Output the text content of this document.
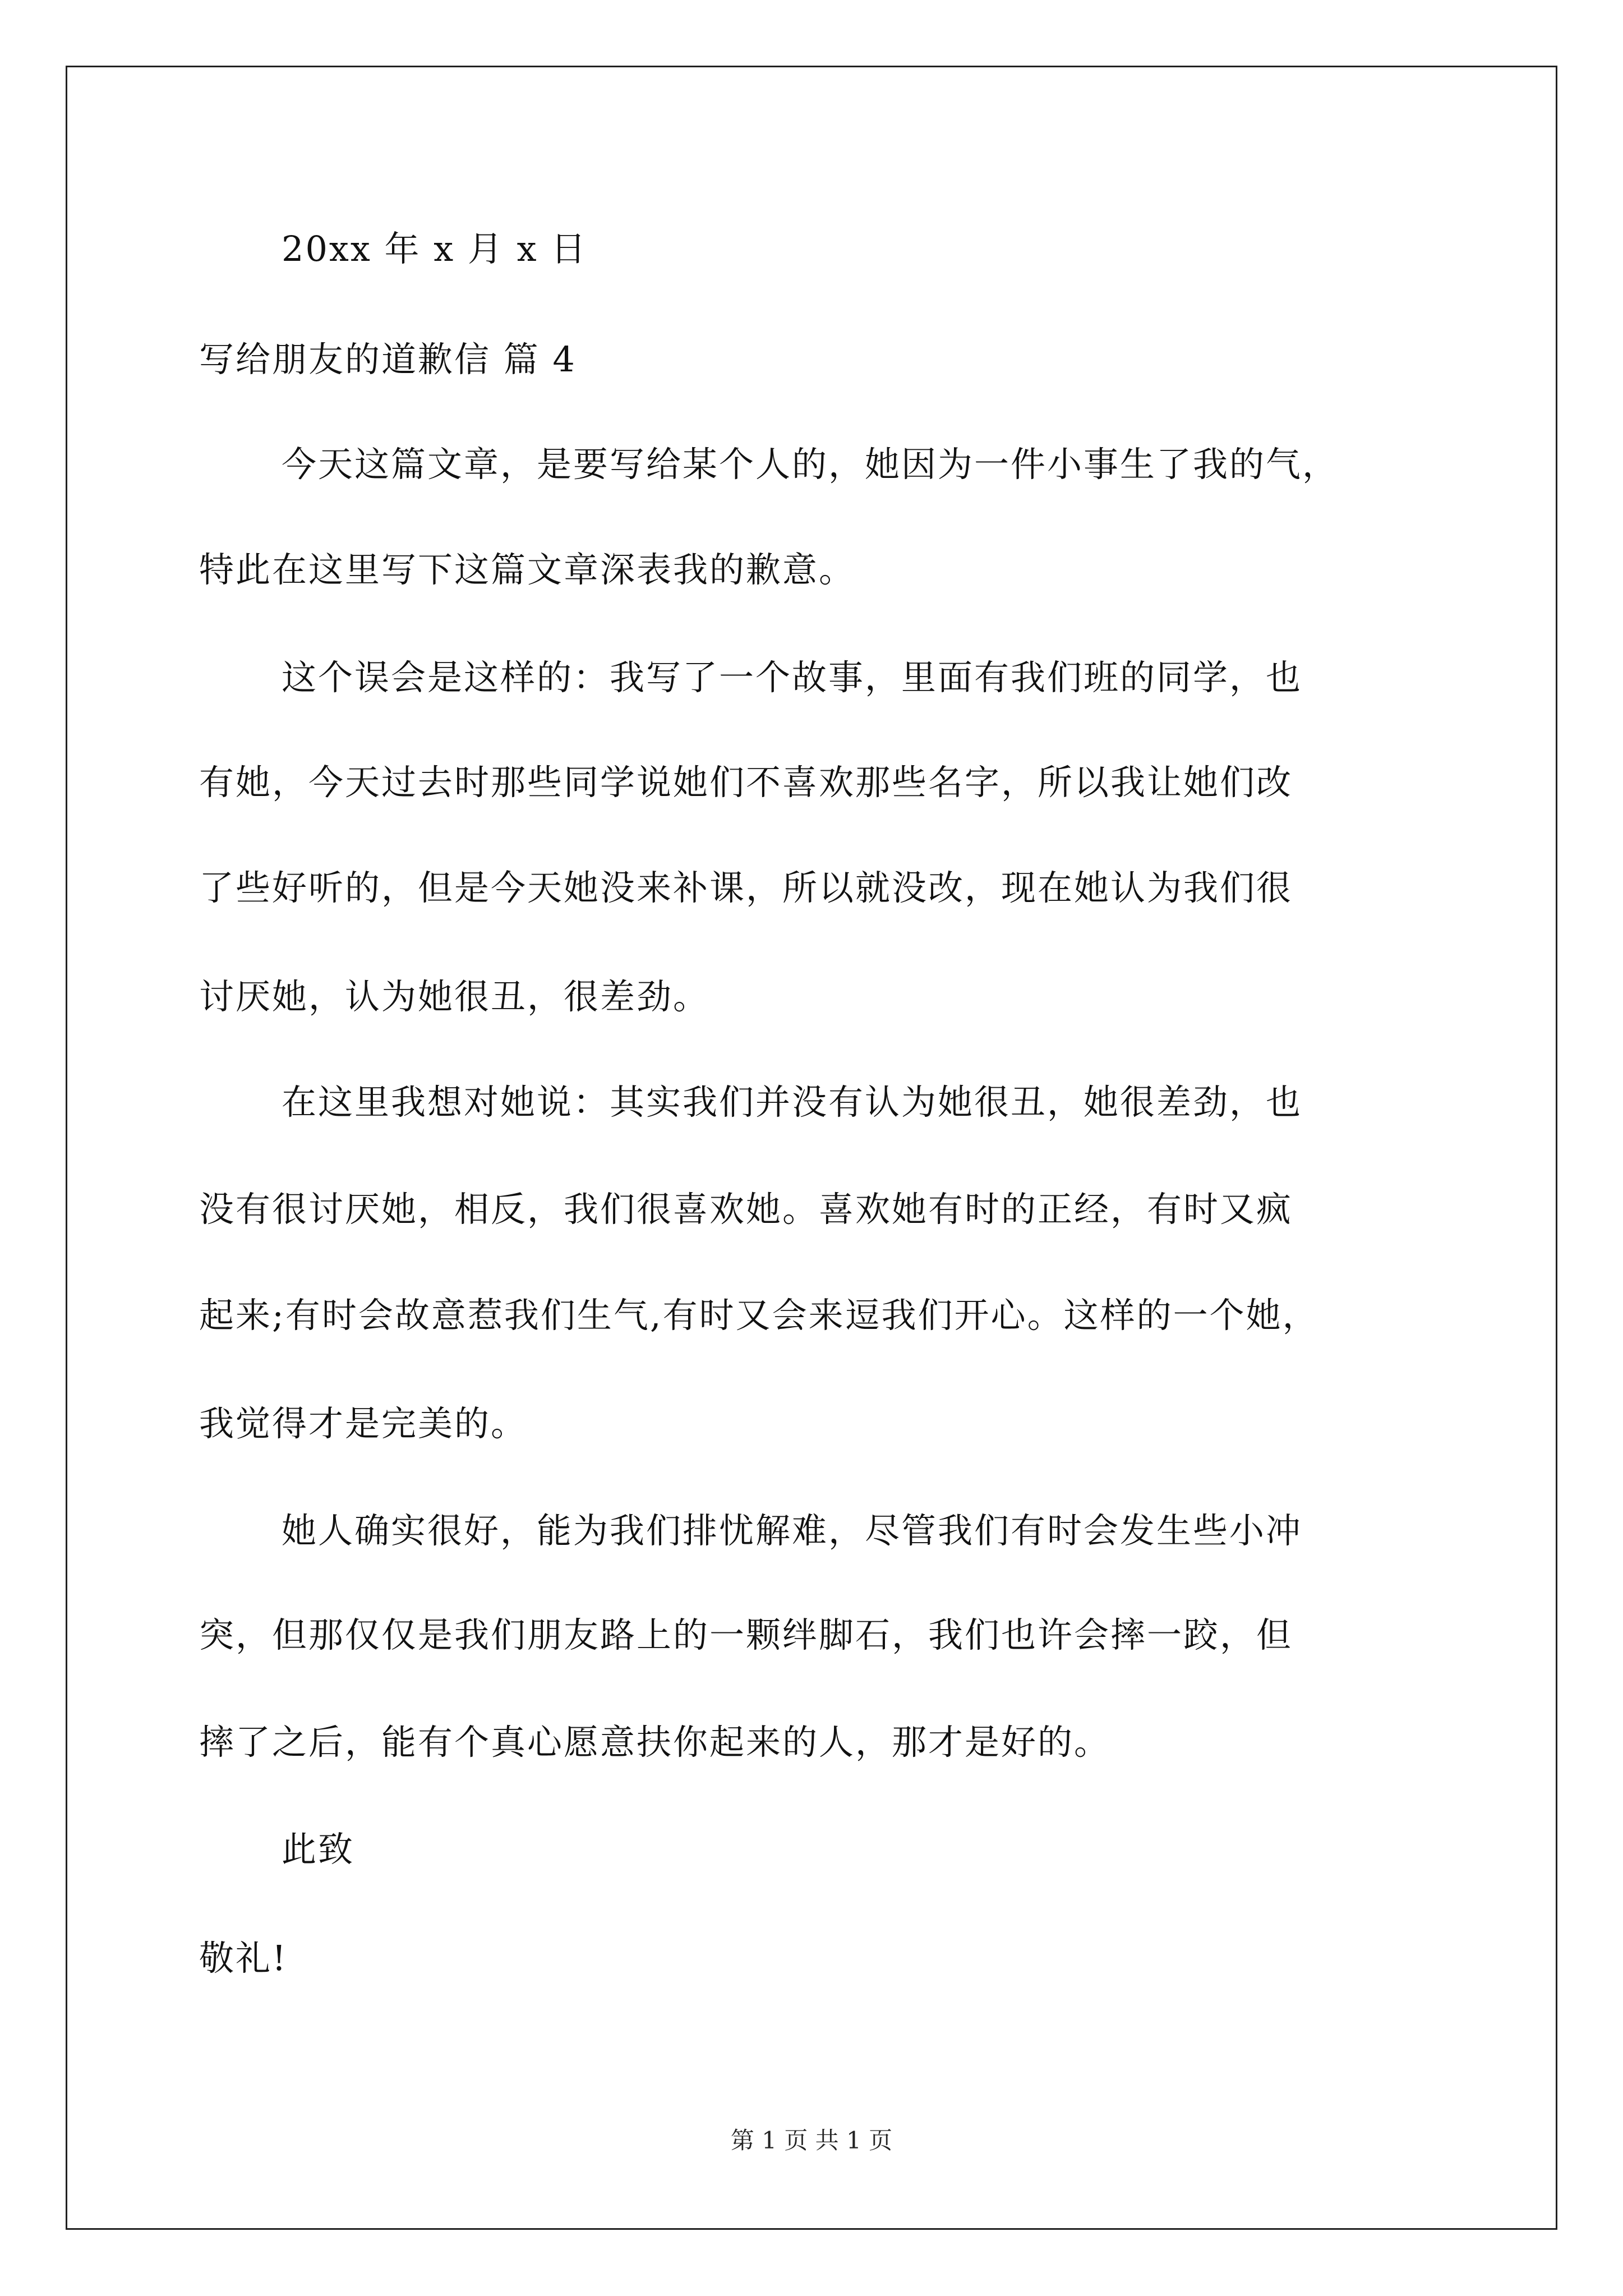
20xx 年 x 月 x 日
写给朋友的道歉信 篇 4
今天这篇文章，是要写给某个人的，她因为一件小事生了我的气，
特此在这里写下这篇文章深表我的歉意。
这个误会是这样的：我写了一个故事，里面有我们班的同学，也
有她，今天过去时那些同学说她们不喜欢那些名字，所以我让她们改
了些好听的，但是今天她没来补课，所以就没改，现在她认为我们很
讨厌她，认为她很丑，很差劲。
在这里我想对她说：其实我们并没有认为她很丑，她很差劲，也
没有很讨厌她，相反，我们很喜欢她。喜欢她有时的正经，有时又疯
起来;有时会故意惹我们生气,有时又会来逗我们开心。这样的一个她，
我觉得才是完美的。
她人确实很好，能为我们排忧解难，尽管我们有时会发生些小冲
突，但那仅仅是我们朋友路上的一颗绊脚石，我们也许会摔一跤，但
摔了之后，能有个真心愿意扶你起来的人，那才是好的。
此致
敬礼!
第 1 页 共 1 页
